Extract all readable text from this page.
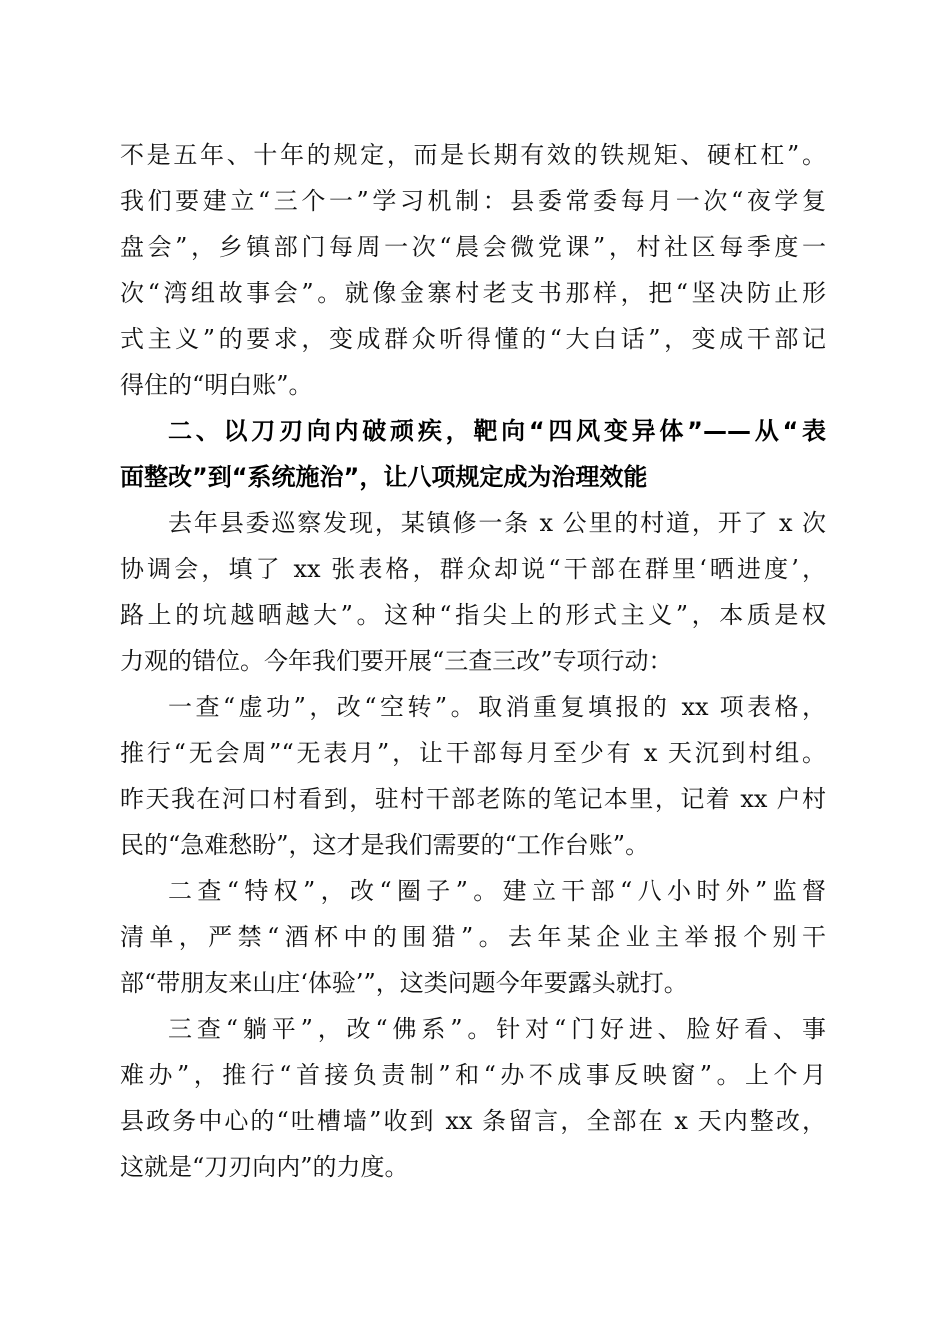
不是五年、十年的规定，而是长期有效的铁规矩、硬杠杠”。
我们要建立“三个一”学习机制：县委常委每月一次“夜学复
盘会”，乡镇部门每周一次“晨会微党课”，村社区每季度一
次“湾组故事会”。就像金寨村老支书那样，把“坚决防止形
式主义”的要求，变成群众听得懂的“大白话”，变成干部记
得住的“明白账”。
二、以刀刃向内破顽疾，靶向“四风变异体”——从“表
面整改”到“系统施治”，让八项规定成为治理效能
去年县委巡察发现，某镇修一条 x 公里的村道，开了 x 次
协调会，填了 xx 张表格，群众却说“干部在群里‘晒进度’，
路上的坑越晒越大”。这种“指尖上的形式主义”，本质是权
力观的错位。今年我们要开展“三查三改”专项行动：
一查“虚功”，改“空转”。取消重复填报的 xx 项表格，
推行“无会周”“无表月”，让干部每月至少有 x 天沉到村组。
昨天我在河口村看到，驻村干部老陈的笔记本里，记着 xx 户村
民的“急难愁盼”，这才是我们需要的“工作台账”。
二查“特权”，改“圈子”。建立干部“八小时外”监督
清单，严禁“酒杯中的围猎”。去年某企业主举报个别干
部“带朋友来山庄‘体验’”，这类问题今年要露头就打。
三查“躺平”，改“佛系”。针对“门好进、脸好看、事
难办”，推行“首接负责制”和“办不成事反映窗”。上个月
县政务中心的“吐槽墙”收到 xx 条留言，全部在 x 天内整改，
这就是“刀刃向内”的力度。
